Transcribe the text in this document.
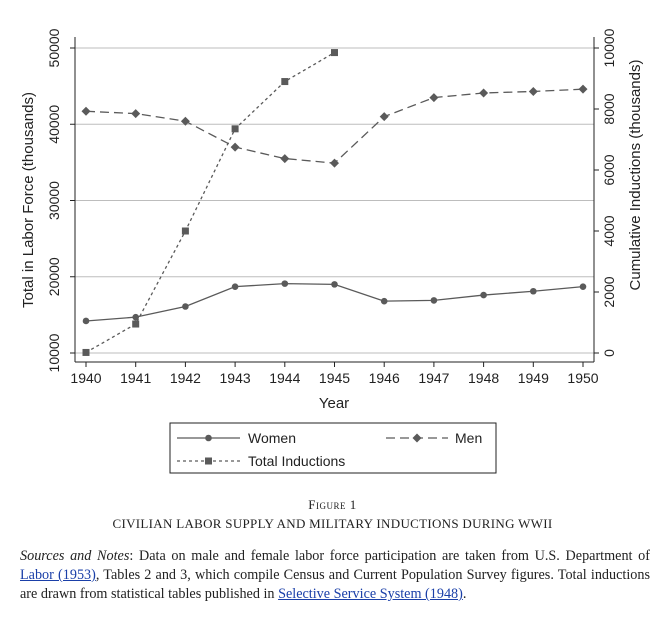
10000
20000
30000
40000
50000
0
2000
4000
6000
8000
10000
1940 1941 1942 1943 1944 1945 1946 1947 1948 1949 1950
Year
Total in Labor Force (thousands)	Cumulative Inductions (thousands)
Women	Men
Total Inductions
Figure 1
CIVILIAN LABOR SUPPLY AND MILITARY INDUCTIONS DURING WWII
Sources and Notes: Data on male and female labor force participation are taken from U.S. Department of Labor (1953), Tables 2 and 3, which compile Census and Current Population Survey figures. Total inductions are drawn from statistical tables published in Selective Service System (1948).
